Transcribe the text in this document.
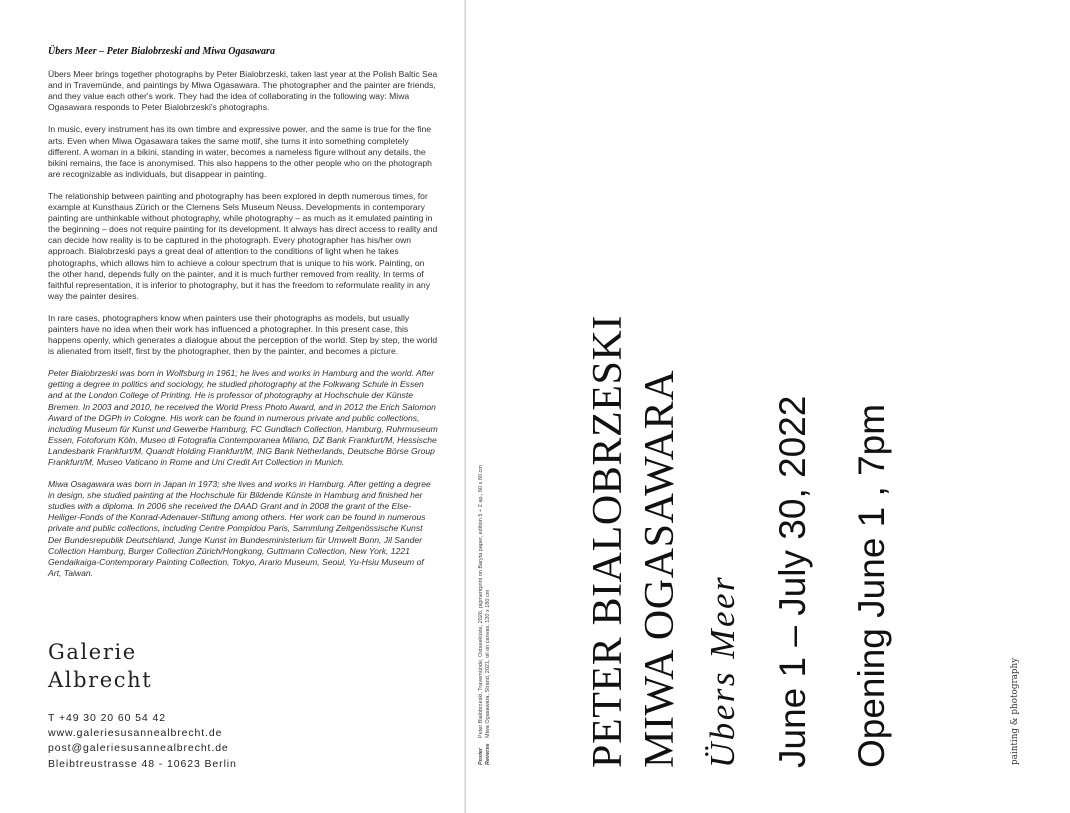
Übers Meer – Peter Bialobrzeski and Miwa Ogasawara

Übers Meer brings together photographs by Peter Bialobrzeski, taken last year at the Polish Baltic Sea and in Travemünde, and paintings by Miwa Ogasawara. The photographer and the painter are friends, and they value each other's work. They had the idea of collaborating in the following way: Miwa Ogasawara responds to Peter Bialobrzeski's photographs.

In music, every instrument has its own timbre and expressive power, and the same is true for the fine arts. Even when Miwa Ogasawara takes the same motif, she turns it into something completely different. A woman in a bikini, standing in water, becomes a nameless figure without any details, the bikini remains, the face is anonymised. This also happens to the other people who on the photograph are recognizable as individuals, but disappear in painting.

The relationship between painting and photography has been explored in depth numerous times, for example at Kunsthaus Zürich or the Clemens Sels Museum Neuss. Developments in contemporary painting are unthinkable without photography, while photography – as much as it emulated painting in the beginning – does not require painting for its development. It always has direct access to reality and can decide how reality is to be captured in the photograph. Every photographer has his/her own approach. Bialobrzeski pays a great deal of attention to the conditions of light when he takes photographs, which allows him to achieve a colour spectrum that is unique to his work. Painting, on the other hand, depends fully on the painter, and it is much further removed from reality. In terms of faithful representation, it is inferior to photography, but it has the freedom to reformulate reality in any way the painter desires.

In rare cases, photographers know when painters use their photographs as models, but usually painters have no idea when their work has influenced a photographer. In this present case, this happens openly, which generates a dialogue about the perception of the world. Step by step, the world is alienated from itself, first by the photographer, then by the painter, and becomes a picture.

Peter Bialobrzeski was born in Wolfsburg in 1961; he lives and works in Hamburg and the world. After getting a degree in politics and sociology, he studied photography at the Folkwang Schule in Essen and at the London College of Printing. He is professor of photography at Hochschule der Künste Bremen. In 2003 and 2010, he received the World Press Photo Award, and in 2012 the Erich Salomon Award of the DGPh in Cologne. His work can be found in numerous private and public collections, including Museum für Kunst und Gewerbe Hamburg, FC Gundlach Collection, Hamburg, Ruhrmuseum Essen, Fotoforum Köln, Museo di Fotografia Contemporanea Milano, DZ Bank Frankfurt/M, Hessische Landesbank Frankfurt/M, Quandt Holding Frankfurt/M, ING Bank Netherlands, Deutsche Börse Group Frankfurt/M, Museo Vaticano in Rome and Uni Credit Art Collection in Munich.

Miwa Osagawara was born in Japan in 1973; she lives and works in Hamburg. After getting a degree in design, she studied painting at the Hochschule für Bildende Künste in Hamburg and finished her studies with a diploma. In 2006 she received the DAAD Grant and in 2008 the grant of the Else-Heiliger-Fonds of the Konrad-Adenauer-Stiftung among others. Her work can be found in numerous private and public collections, including Centre Pompidou Paris, Sammlung Zeitgenössische Kunst Der Bundesrepublik Deutschland, Junge Kunst im Bundesministerium für Umwelt Bonn, Jil Sander Collection Hamburg, Burger Collection Zürich/Hongkong, Guttmann Collection, New York, 1221 Gendaikaiga-Contemporary Painting Collection, Tokyo, Arario Museum, Seoul, Yu-Hsiu Museum of Art, Taiwan.

Galerie
Albrecht
T +49 30 20 60 54 42
www.galeriesusannealbrecht.de
post@galeriesusannealbrecht.de
Bleibtreustrasse 48 - 10623 Berlin	Poster Reverse
Peter Bialobrzeski, Travemünde, Ostseeküste, 2020, pigmentprint on Baryta paper, edition 5 + 2 ap., 60 x 80 cm Miwa Ogasawara, Strand, 2021, oil on canvas, 120 x 180 cm PETER BIALOBRZESKI MIWA OGASAWARA Übers Meer June 1 – July 30, 2022 Opening June 1 , 7pm	painting & photography
